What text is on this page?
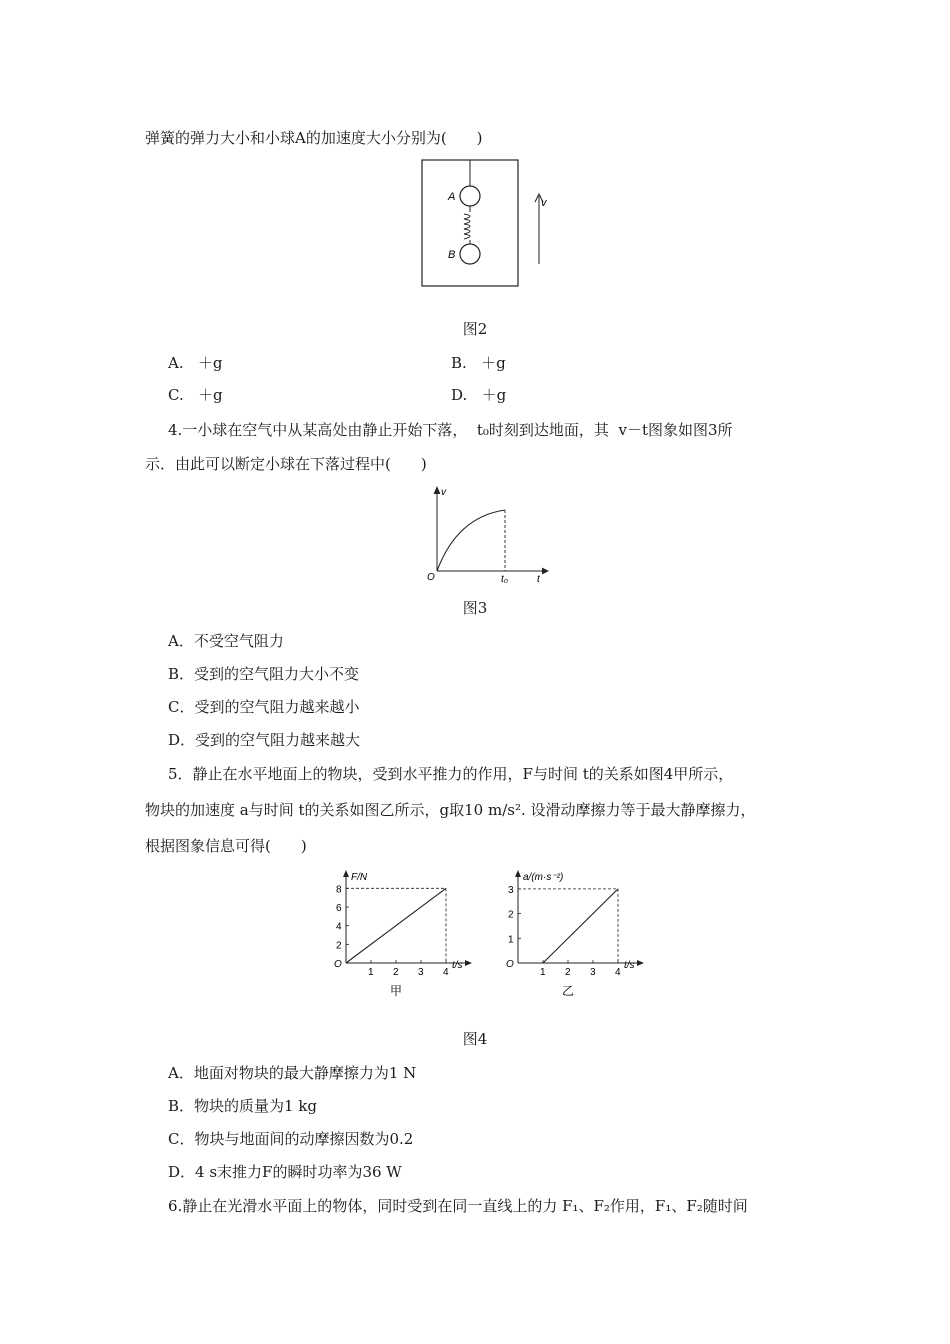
弹簧的弹力大小和小球A的加速度大小分别为(　　)
A
B
v
图2
A. ＋g	B. ＋g
C. ＋g	D. ＋g
4.一小球在空气中从某高处由静止开始下落， t₀时刻到达地面，其 v－t图象如图3所
示．由此可以断定小球在下落过程中(　　)
v
O	t₀	t
图3
A．不受空气阻力
B．受到的空气阻力大小不变
C．受到的空气阻力越来越小
D．受到的空气阻力越来越大
5．静止在水平地面上的物块，受到水平推力的作用，F与时间 t的关系如图4甲所示，
物块的加速度 a与时间 t的关系如图乙所示，g取10 m/s². 设滑动摩擦力等于最大静摩擦力，
根据图象信息可得(　　)
1 2 3 4
2
4
6
8
O	t/s
F/N
甲
1 2 3 4
1
2
3
O	t/s
a/(m·s⁻²)
乙
图4
A．地面对物块的最大静摩擦力为1 N
B．物块的质量为1 kg
C．物块与地面间的动摩擦因数为0.2
D．4 s末推力F的瞬时功率为36 W
6.静止在光滑水平面上的物体，同时受到在同一直线上的力 F₁、F₂作用，F₁、F₂随时间
